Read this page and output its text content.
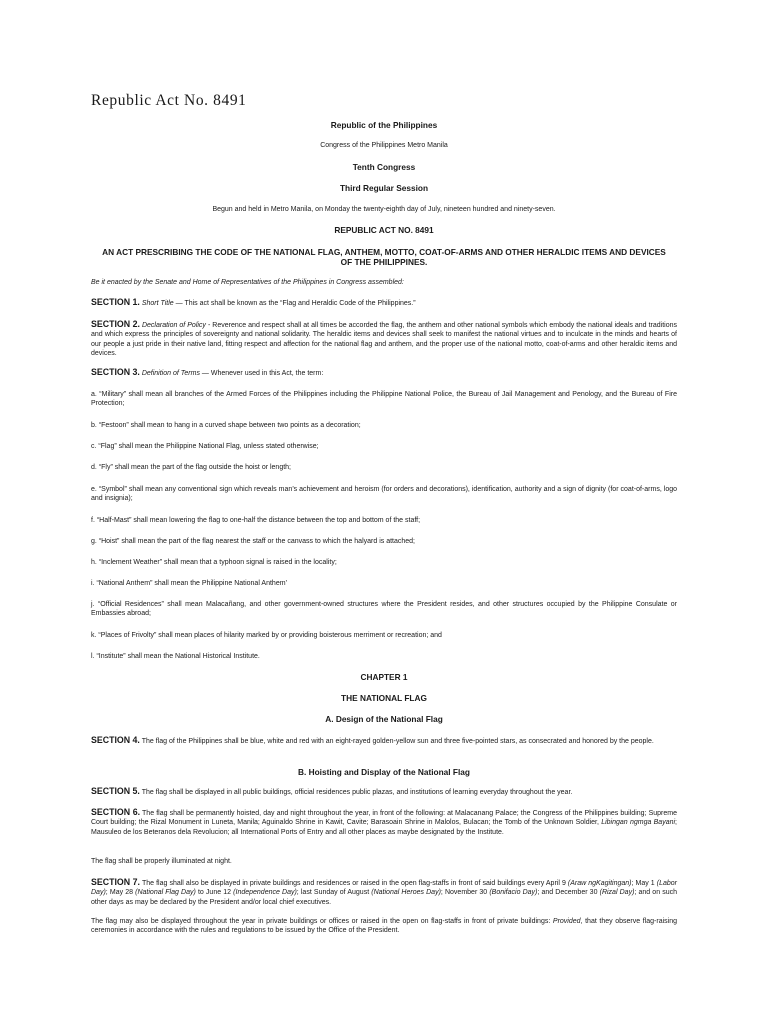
Republic Act No. 8491
Republic of the Philippines
Congress of the Philippines Metro Manila
Tenth Congress
Third Regular Session
Begun and held in Metro Manila, on Monday the twenty-eighth day of July, nineteen hundred and ninety-seven.
REPUBLIC ACT NO. 8491
AN ACT PRESCRIBING THE CODE OF THE NATIONAL FLAG, ANTHEM, MOTTO, COAT-OF-ARMS AND OTHER HERALDIC ITEMS AND DEVICES
OF THE PHILIPPINES.
Be it enacted by the Senate and Home of Representatives of the Philippines in Congress assembled:
SECTION 1. Short Title — This act shall be known as the “Flag and Heraldic Code of the Philippines.”
SECTION 2. Declaration of Policy - Reverence and respect shall at all times be accorded the flag, the anthem and other national symbols which embody the national ideals and traditions and which express the principles of sovereignty and national solidarity. The heraldic items and devices shall seek to manifest the national virtues and to inculcate in the minds and hearts of our people a just pride in their native land, fitting respect and affection for the national flag and anthem, and the proper use of the national motto, coat-of-arms and other heraldic items and devices.
SECTION 3. Definition of Terms — Whenever used in this Act, the term:
a. “Military” shall mean all branches of the Armed Forces of the Philippines including the Philippine National Police, the Bureau of Jail Management and Penology, and the Bureau of Fire Protection;
b. “Festoon” shall mean to hang in a curved shape between two points as a decoration;
c. “Flag” shall mean the Philippine National Flag, unless stated otherwise;
d. “Fly” shall mean the part of the flag outside the hoist or length;
e. “Symbol” shall mean any conventional sign which reveals man’s achievement and heroism (for orders and decorations), identification, authority and a sign of dignity (for coat-of-arms, logo and insignia);
f. “Half-Mast” shall mean lowering the flag to one-half the distance between the top and bottom of the staff;
g. “Hoist” shall mean the part of the flag nearest the staff or the canvass to which the halyard is attached;
h. “Inclement Weather” shall mean that a typhoon signal is raised in the locality;
i. “National Anthem” shall mean the Philippine National Anthem’
j. “Official Residences” shall mean Malacañang, and other government-owned structures where the President resides, and other structures occupied by the Philippine Consulate or Embassies abroad;
k. “Places of Frivolty” shall mean places of hilarity marked by or providing boisterous merriment or recreation; and
l. “Institute” shall mean the National Historical Institute.
CHAPTER 1
THE NATIONAL FLAG
A. Design of the National Flag
SECTION 4. The flag of the Philippines shall be blue, white and red with an eight-rayed golden-yellow sun and three five-pointed stars, as consecrated and honored by the people.
B. Hoisting and Display of the National Flag
SECTION 5. The flag shall be displayed in all public buildings, official residences public plazas, and institutions of learning everyday throughout the year.
SECTION 6. The flag shall be permanently hoisted, day and night throughout the year, in front of the following: at Malacanang Palace; the Congress of the Philippines building; Supreme Court building; the Rizal Monument in Luneta, Manila; Aguinaldo Shrine in Kawit, Cavite; Barasoain Shrine in Malolos, Bulacan; the Tomb of the Unknown Soldier, Libingan ngmga Bayani; Mausuleo de los Beteranos dela Revolucion; all International Ports of Entry and all other places as maybe designated by the Institute.
The flag shall be properly illuminated at night.
SECTION 7. The flag shall also be displayed in private buildings and residences or raised in the open flag-staffs in front of said buildings every April 9 (Araw ngKagitingan); May 1 (Labor Day); May 28 (National Flag Day) to June 12 (Independence Day); last Sunday of August (National Heroes Day); November 30 (Bonifacio Day); and December 30 (Rizal Day); and on such other days as may be declared by the President and/or local chief executives.
The flag may also be displayed throughout the year in private buildings or offices or raised in the open on flag-staffs in front of private buildings: Provided, that they observe flag-raising ceremonies in accordance with the rules and regulations to be issued by the Office of the President.
